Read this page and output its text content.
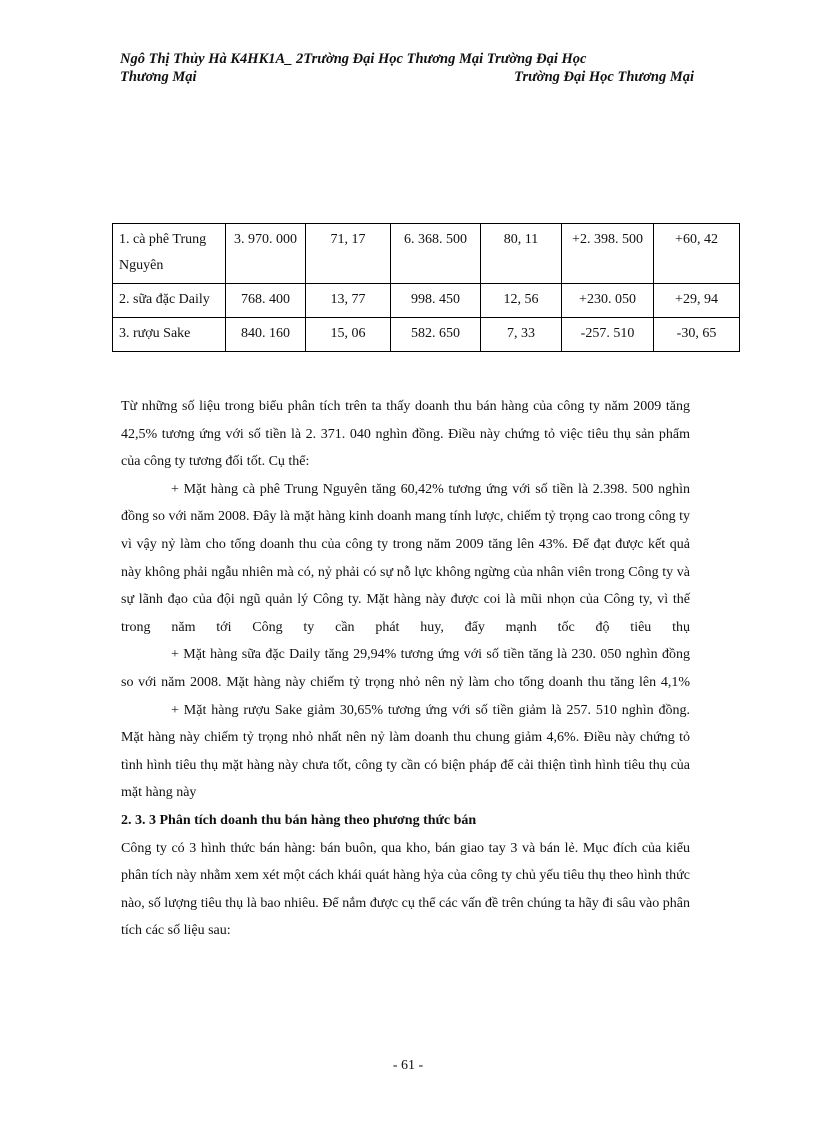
Ngô Thị Thủy Hà K4HK1A_ 2Trường Đại Học Thương Mại Trường Đại Học
Thương Mại	Trường Đại Học Thương Mại
1. cà phê Trung Nguyên	3. 970. 000	71, 17	6. 368. 500	80, 11	+2. 398. 500	+60, 42
2. sữa đặc Daily	768. 400	13, 77	998. 450	12, 56	+230. 050	+29, 94
3. rượu Sake	840. 160	15, 06	582. 650	7, 33	-257. 510	-30, 65

Từ những số liệu trong biểu phân tích trên ta thấy doanh thu bán hàng của công ty năm 2009 tăng 42,5% tương ứng với số tiền là 2. 371. 040 nghìn đồng. Điều này chứng tỏ việc tiêu thụ sản phẩm của công ty tương đối tốt. Cụ thể:

+ Mặt hàng cà phê Trung Nguyên tăng 60,42% tương ứng với số tiền là 2.398. 500 nghìn đồng so với năm 2008. Đây là mặt hàng kinh doanh mang tính lược, chiếm tỷ trọng cao trong công ty vì vậy nỷ làm cho tổng doanh thu của công ty trong năm 2009 tăng lên 43%. Để đạt được kết quả này không phải ngẫu nhiên mà có, nỷ phải có sự nỗ lực không ngừng của nhân viên trong Công ty và sự lãnh đạo của đội ngũ quản lý Công ty. Mặt hàng này được coi là mũi nhọn của Công ty, vì thế trong năm tới Công ty cần phát huy, đẩy mạnh tốc độ tiêu thụ

+ Mặt hàng sữa đặc Daily tăng 29,94% tương ứng với số tiền tăng là 230. 050 nghìn đồng so với năm 2008. Mặt hàng này chiếm tỷ trọng nhỏ nên nỷ làm cho tổng doanh thu tăng lên 4,1%

+ Mặt hàng rượu Sake giảm 30,65% tương ứng với số tiền giảm là 257. 510 nghìn đồng. Mặt hàng này chiếm tỷ trọng nhỏ nhất nên nỷ làm doanh thu chung giảm 4,6%. Điều này chứng tỏ tình hình tiêu thụ mặt hàng này chưa tốt, công ty cần có biện pháp để cải thiện tình hình tiêu thụ của mặt hàng này

2. 3. 3 Phân tích doanh thu bán hàng theo phương thức bán

Công ty có 3 hình thức bán hàng: bán buôn, qua kho, bán giao tay 3 và bán lẻ. Mục đích của kiểu phân tích này nhằm xem xét một cách khái quát hàng hỷa của công ty chủ yếu tiêu thụ theo hình thức nào, số lượng tiêu thụ là bao nhiêu. Để nắm được cụ thể các vấn đề trên chúng ta hãy đi sâu vào phân tích các số liệu sau:

- 61 -
